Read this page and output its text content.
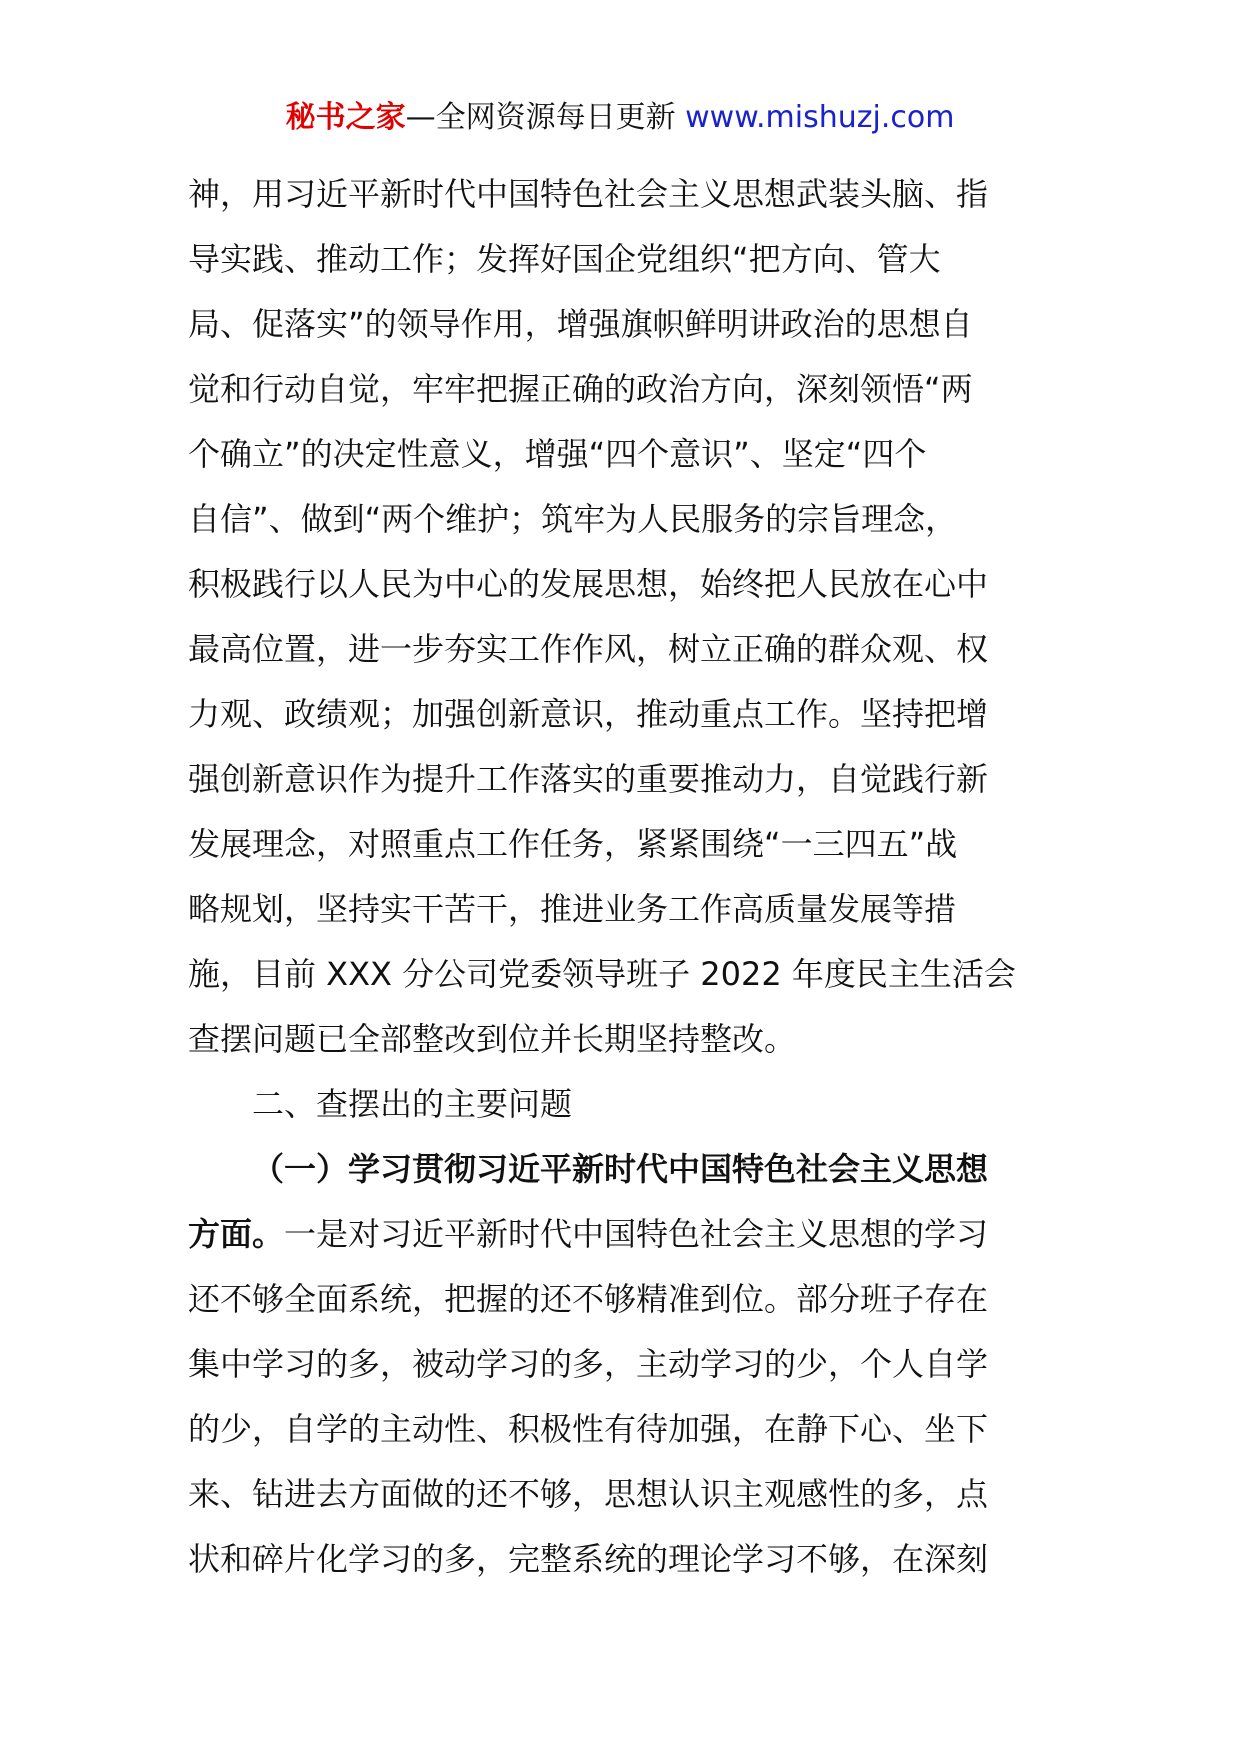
秘书之家—全网资源每日更新 www.mishuzj.com
神，用习近平新时代中国特色社会主义思想武装头脑、指
导实践、推动工作；发挥好国企党组织“把方向、管大
局、促落实”的领导作用，增强旗帜鲜明讲政治的思想自
觉和行动自觉，牢牢把握正确的政治方向，深刻领悟“两
个确立”的决定性意义，增强“四个意识”、坚定“四个
自信”、做到“两个维护；筑牢为人民服务的宗旨理念，
积极践行以人民为中心的发展思想，始终把人民放在心中
最高位置，进一步夯实工作作风，树立正确的群众观、权
力观、政绩观；加强创新意识，推动重点工作。坚持把增
强创新意识作为提升工作落实的重要推动力，自觉践行新
发展理念，对照重点工作任务，紧紧围绕“一三四五”战
略规划，坚持实干苦干，推进业务工作高质量发展等措
施，目前 XXX 分公司党委领导班子 2022 年度民主生活会
查摆问题已全部整改到位并长期坚持整改。
二、查摆出的主要问题
（一）学习贯彻习近平新时代中国特色社会主义思想
方面。一是对习近平新时代中国特色社会主义思想的学习
还不够全面系统，把握的还不够精准到位。部分班子存在
集中学习的多，被动学习的多，主动学习的少，个人自学
的少，自学的主动性、积极性有待加强，在静下心、坐下
来、钻进去方面做的还不够，思想认识主观感性的多，点
状和碎片化学习的多，完整系统的理论学习不够，在深刻
